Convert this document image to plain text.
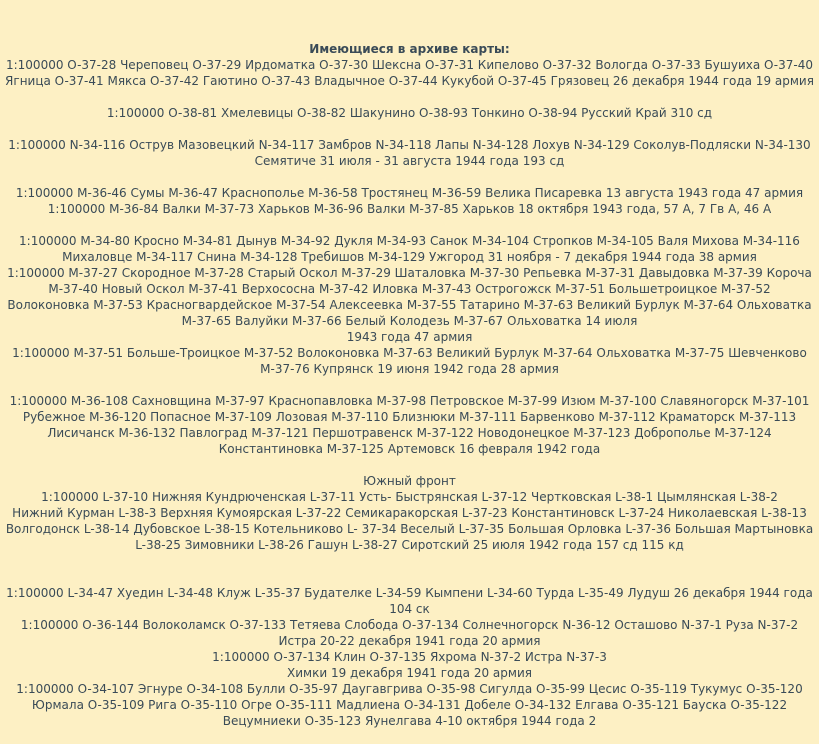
Имеющиеся в архиве карты:

1:100000 O-37-28 Череповец O-37-29 Ирдоматка O-37-30 Шексна O-37-31 Кипелово O-37-32 Вологда O-37-33 Бушуиха O-37-40
Ягница O-37-41 Мякса O-37-42 Гаютино O-37-43 Владычное O-37-44 Кукубой O-37-45 Грязовец 26 декабря 1944 года 19 армия
1:100000 O-38-81 Хмелевицы O-38-82 Шакунино O-38-93 Тонкино O-38-94 Русский Край 310 сд
1:100000 N-34-116 Острув Мазовецкий N-34-117 Замбров N-34-118 Лапы N-34-128 Лохув N-34-129 Соколув-Подляски N-34-130
Семятиче 31 июля - 31 августа 1944 года 193 сд
1:100000 M-36-46 Сумы M-36-47 Краснополье M-36-58 Тростянец M-36-59 Велика Писаревка 13 августа 1943 года 47 армия
1:100000 M-36-84 Валки M-37-73 Харьков M-36-96 Валки M-37-85 Харьков 18 октября 1943 года, 57 А, 7 Гв А, 46 А
1:100000 M-34-80 Кросно M-34-81 Дынув M-34-92 Дукля M-34-93 Санок M-34-104 Стропков M-34-105 Валя Михова M-34-116
Михаловце M-34-117 Снина M-34-128 Требишов M-34-129 Ужгород 31 ноября - 7 декабря 1944 года 38 армия
1:100000 M-37-27 Скородное M-37-28 Старый Оскол M-37-29 Шаталовка M-37-30 Репьевка M-37-31 Давыдовка M-37-39 Короча
M-37-40 Новый Оскол M-37-41 Верхососнa M-37-42 Иловка M-37-43 Острогожск M-37-51 Большетроицкое M-37-52
Волоконовка M-37-53 Красногвардейское M-37-54 Алексеевка M-37-55 Татарино M-37-63 Великий Бурлук M-37-64 Ольховатка
M-37-65 Валуйки M-37-66 Белый Колодезь M-37-67 Ольховатка 14 июля
1943 года 47 армия
1:100000 M-37-51 Больше-Троицкое M-37-52 Волоконовка M-37-63 Великий Бурлук M-37-64 Ольховатка M-37-75 Шевченково
M-37-76 Купрянск 19 июня 1942 года 28 армия
1:100000 M-36-108 Сахновщина M-37-97 Краснопавловка M-37-98 Петровское M-37-99 Изюм M-37-100 Славяногорск M-37-101
Рубежное M-36-120 Попасное M-37-109 Лозовая M-37-110 Близнюки M-37-111 Барвенково M-37-112 Краматорск M-37-113
Лисичанск M-36-132 Павлоград M-37-121 Першотравенск M-37-122 Новодонецкое M-37-123 Доброполье M-37-124
Константиновка M-37-125 Артемовск 16 февраля 1942 года
Южный фронт
1:100000 L-37-10 Нижняя Кундрюченская L-37-11 Усть- Быстрянская L-37-12 Чертковская L-38-1 Цымлянская L-38-2
Нижний Курман L-38-3 Верхняя Кумоярская L-37-22 Семикаракорская L-37-23 Константиновск L-37-24 Николаевская L-38-13
Волгодонск L-38-14 Дубовское L-38-15 Котельниково L- 37-34 Веселый L-37-35 Большая Орловка L-37-36 Большая Мартыновка
L-38-25 Зимовники L-38-26 Гашун L-38-27 Сиротский 25 июля 1942 года 157 сд 115 кд
1:100000 L-34-47 Хуедин L-34-48 Клуж L-35-37 Будателке L-34-59 Кымпени L-34-60 Турда L-35-49 Лудуш 26 декабря 1944 года
104 ск
1:100000 O-36-144 Волоколамск O-37-133 Тетяева Слобода O-37-134 Солнечногорск N-36-12 Осташово N-37-1 Руза N-37-2
Истра 20-22 декабря 1941 года 20 армия
1:100000 O-37-134 Клин O-37-135 Яхрома N-37-2 Истра N-37-3
Химки 19 декабря 1941 года 20 армия
1:100000 O-34-107 Эгнуре O-34-108 Булли O-35-97 Даугавгрива O-35-98 Сигулда O-35-99 Цесис O-35-119 Тукумус O-35-120
Юрмала O-35-109 Рига O-35-110 Огре O-35-111 Мадлиена O-34-131 Добеле O-34-132 Елгава O-35-121 Бауска O-35-122
Вецумниеки O-35-123 Яунелгава 4-10 октября 1944 года 2
